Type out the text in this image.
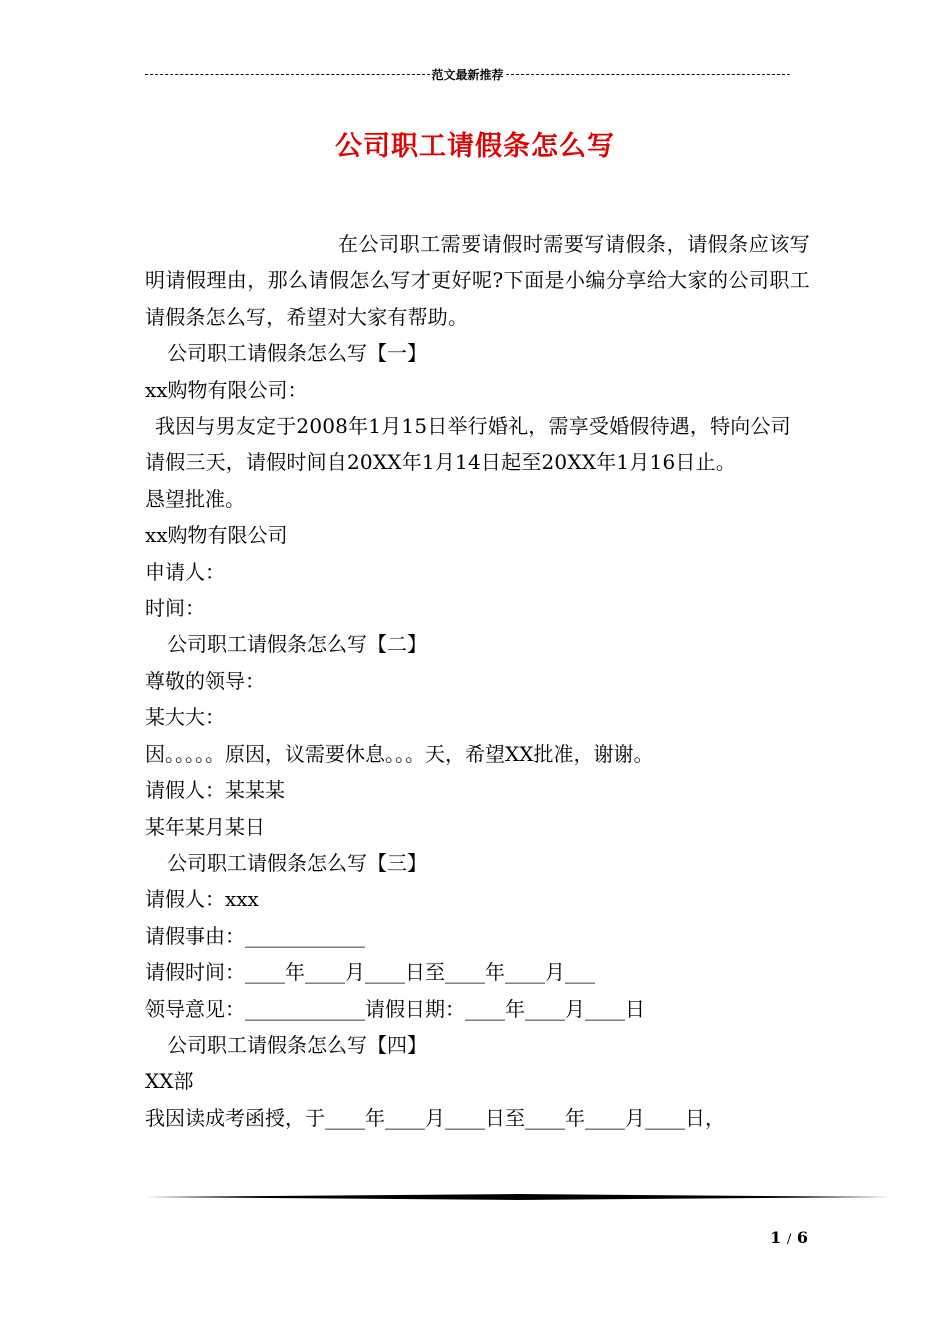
范文最新推荐
公司职工请假条怎么写

在公司职工需要请假时需要写请假条，请假条应该写明请假理由，那么请假怎么写才更好呢?下面是小编分享给大家的公司职工请假条怎么写，希望对大家有帮助。

公司职工请假条怎么写【一】

xx购物有限公司：

我因与男友定于2008年1月15日举行婚礼，需享受婚假待遇，特向公司请假三天，请假时间自20XX年1月14日起至20XX年1月16日止。

恳望批准。

xx购物有限公司

申请人：

时间：

公司职工请假条怎么写【二】

尊敬的领导：

某大大：

因。。。。。原因，议需要休息。。。天，希望XX批准，谢谢。

请假人：某某某

某年某月某日

公司职工请假条怎么写【三】

请假人：xxx

请假事由：____________

请假时间：____年____月____日至____年____月___

领导意见：____________请假日期：____年____月____日

公司职工请假条怎么写【四】

XX部

我因读成考函授，于____年____月____日至____年____月____日，

1 / 6
